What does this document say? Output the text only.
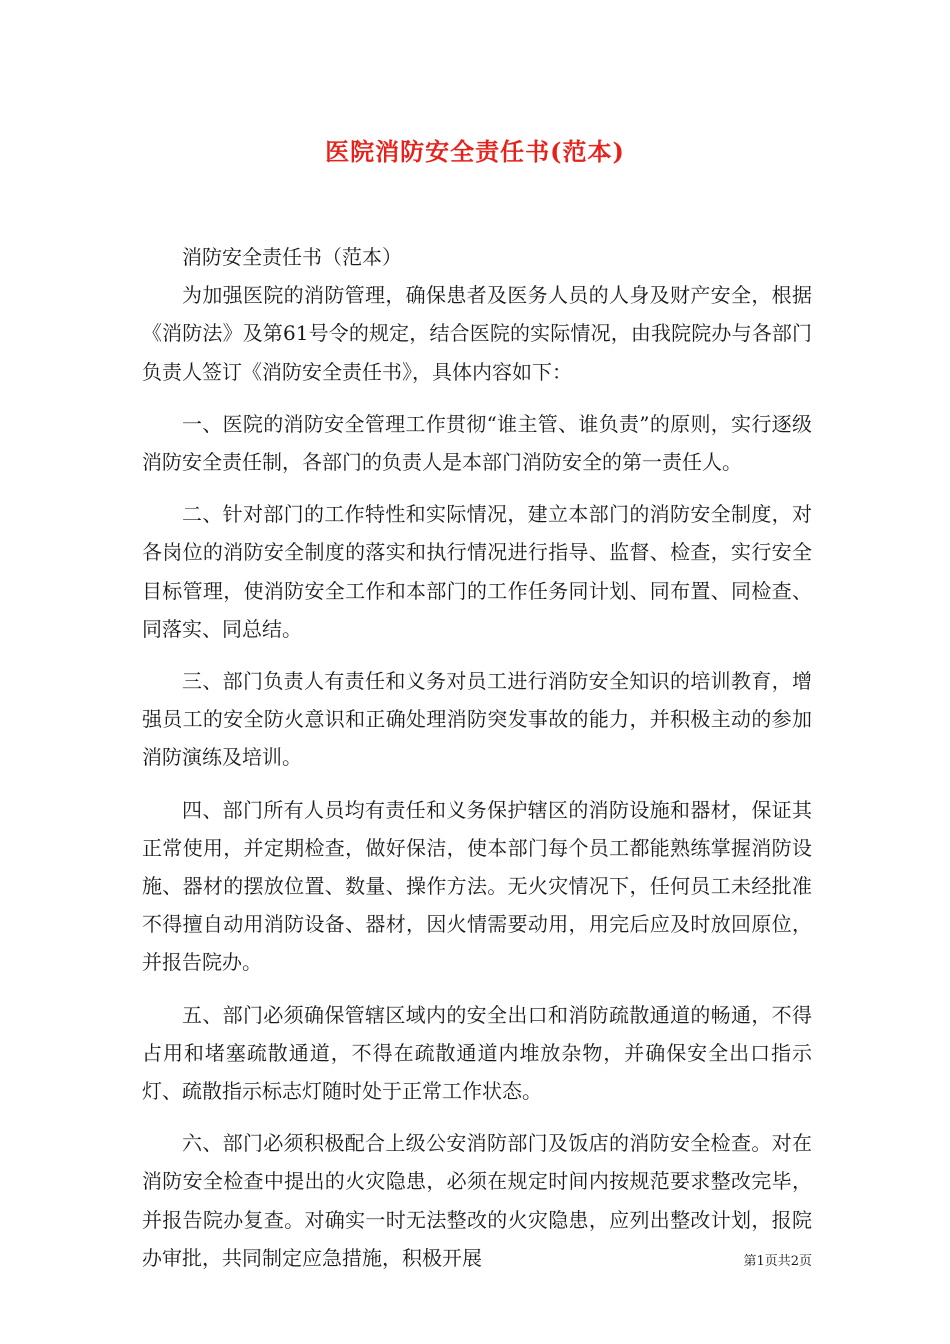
医院消防安全责任书(范本)

消防安全责任书（范本）

为加强医院的消防管理，确保患者及医务人员的人身及财产安全，根据《消防法》及第61号令的规定，结合医院的实际情况，由我院院办与各部门负责人签订《消防安全责任书》，具体内容如下：

一、医院的消防安全管理工作贯彻“谁主管、谁负责”的原则，实行逐级消防安全责任制，各部门的负责人是本部门消防安全的第一责任人。

二、针对部门的工作特性和实际情况，建立本部门的消防安全制度，对各岗位的消防安全制度的落实和执行情况进行指导、监督、检查，实行安全目标管理，使消防安全工作和本部门的工作任务同计划、同布置、同检查、同落实、同总结。

三、部门负责人有责任和义务对员工进行消防安全知识的培训教育，增强员工的安全防火意识和正确处理消防突发事故的能力，并积极主动的参加消防演练及培训。

四、部门所有人员均有责任和义务保护辖区的消防设施和器材，保证其正常使用，并定期检查，做好保洁，使本部门每个员工都能熟练掌握消防设施、器材的摆放位置、数量、操作方法。无火灾情况下，任何员工未经批准不得擅自动用消防设备、器材，因火情需要动用，用完后应及时放回原位，并报告院办。

五、部门必须确保管辖区域内的安全出口和消防疏散通道的畅通，不得占用和堵塞疏散通道，不得在疏散通道内堆放杂物，并确保安全出口指示灯、疏散指示标志灯随时处于正常工作状态。

六、部门必须积极配合上级公安消防部门及饭店的消防安全检查。对在消防安全检查中提出的火灾隐患，必须在规定时间内按规范要求整改完毕，并报告院办复查。对确实一时无法整改的火灾隐患，应列出整改计划，报院办审批，共同制定应急措施，积极开展	第1页共2页
